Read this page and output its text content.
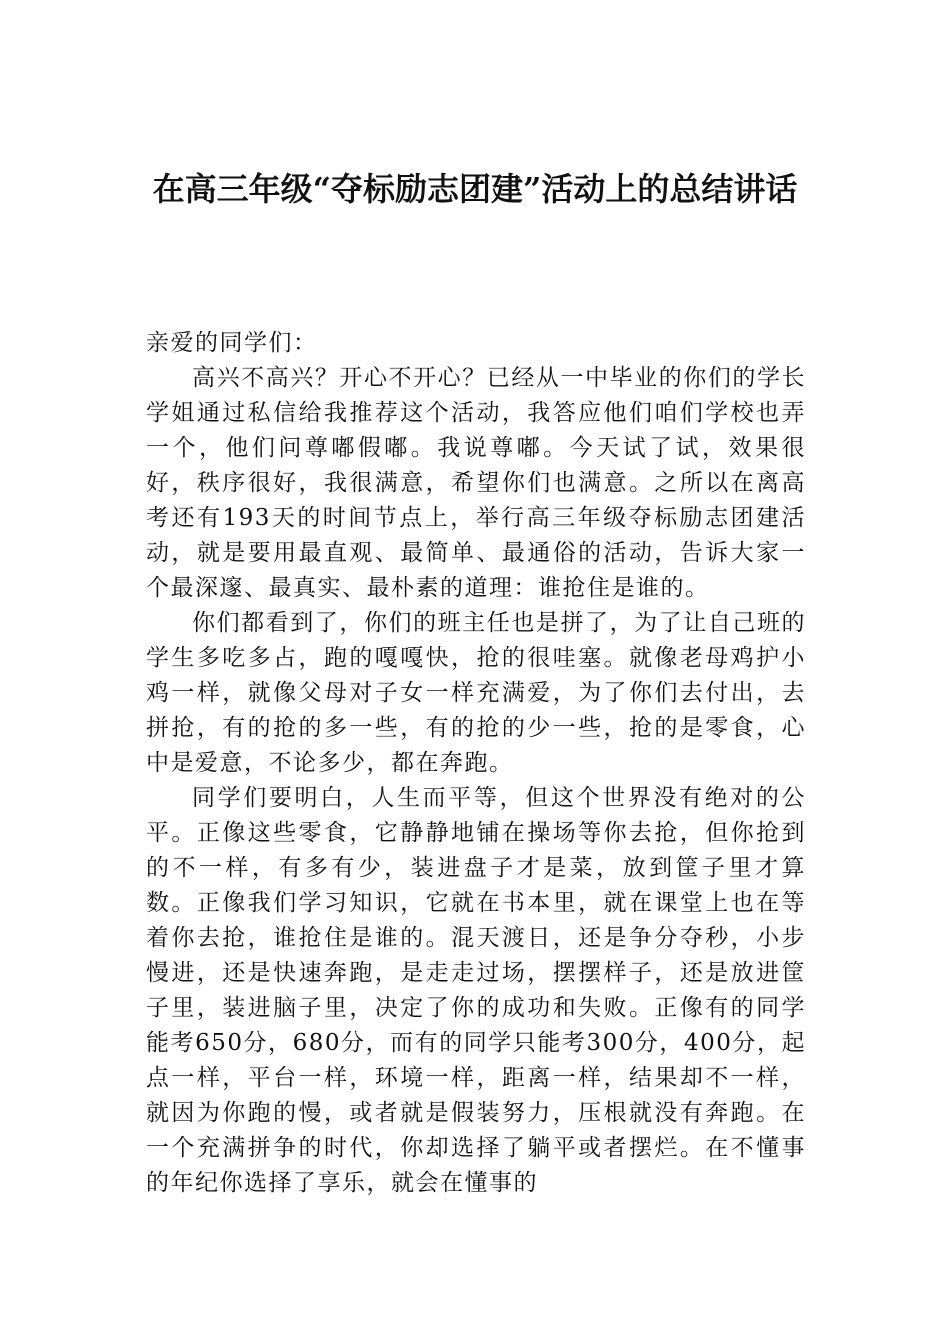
在高三年级“夺标励志团建”活动上的总结讲话

亲爱的同学们：

高兴不高兴？开心不开心？已经从一中毕业的你们的学长学姐通过私信给我推荐这个活动，我答应他们咱们学校也弄一个，他们问尊嘟假嘟。我说尊嘟。今天试了试，效果很好，秩序很好，我很满意，希望你们也满意。之所以在离高考还有193天的时间节点上，举行高三年级夺标励志团建活动，就是要用最直观、最简单、最通俗的活动，告诉大家一个最深邃、最真实、最朴素的道理：谁抢住是谁的。

你们都看到了，你们的班主任也是拼了，为了让自己班的学生多吃多占，跑的嘎嘎快，抢的很哇塞。就像老母鸡护小鸡一样，就像父母对子女一样充满爱，为了你们去付出，去拼抢，有的抢的多一些，有的抢的少一些，抢的是零食，心中是爱意，不论多少，都在奔跑。

同学们要明白，人生而平等，但这个世界没有绝对的公平。正像这些零食，它静静地铺在操场等你去抢，但你抢到的不一样，有多有少，装进盘子才是菜，放到筐子里才算数。正像我们学习知识，它就在书本里，就在课堂上也在等着你去抢，谁抢住是谁的。混天渡日，还是争分夺秒，小步慢进，还是快速奔跑，是走走过场，摆摆样子，还是放进筐子里，装进脑子里，决定了你的成功和失败。正像有的同学能考650分，680分，而有的同学只能考300分，400分，起点一样，平台一样，环境一样，距离一样，结果却不一样，就因为你跑的慢，或者就是假装努力，压根就没有奔跑。在一个充满拼争的时代，你却选择了躺平或者摆烂。在不懂事的年纪你选择了享乐，就会在懂事的
